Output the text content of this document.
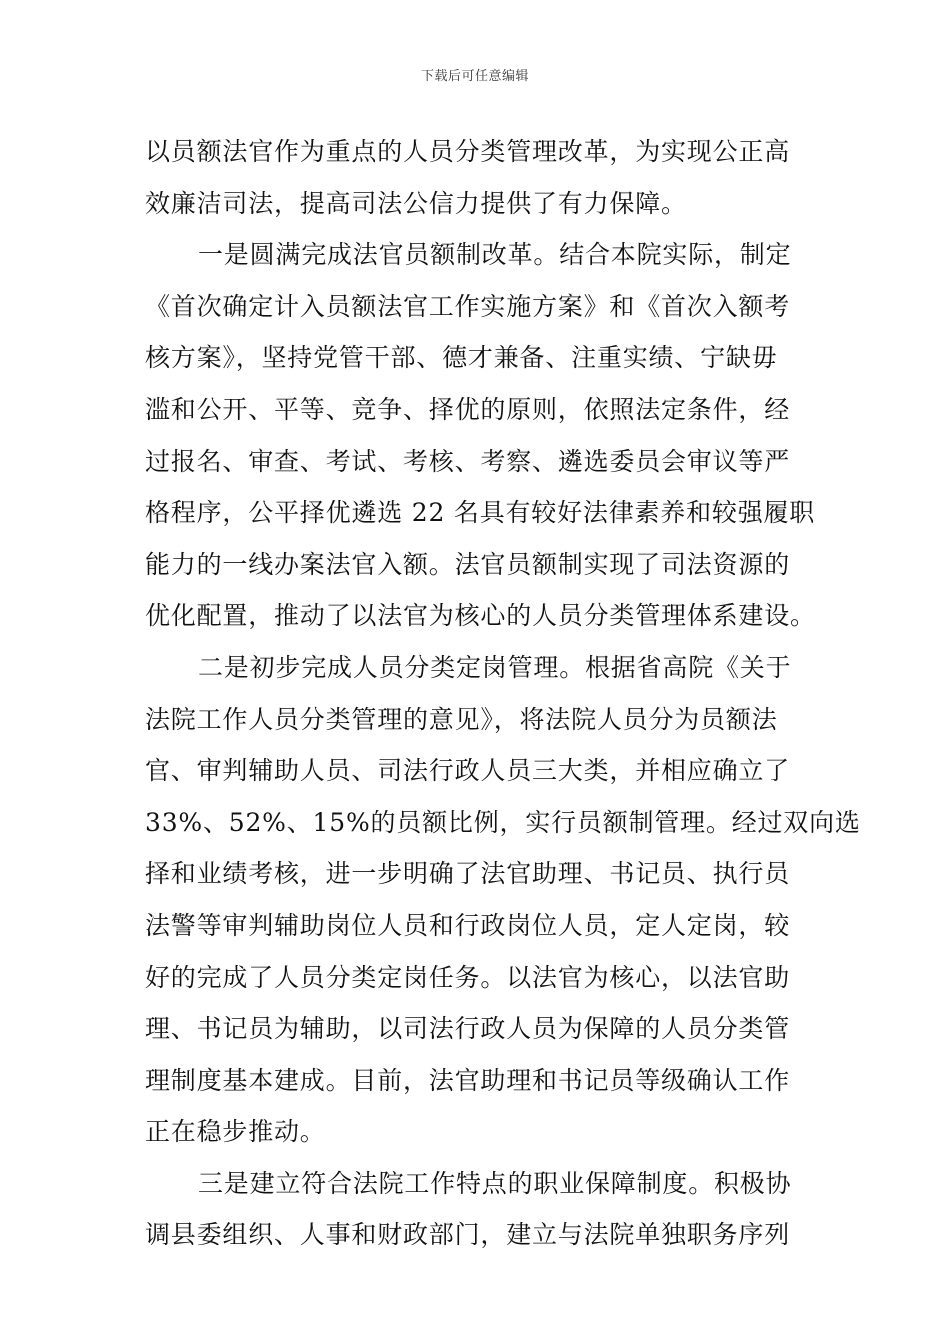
下载后可任意编辑
以员额法官作为重点的人员分类管理改革，为实现公正高
效廉洁司法，提高司法公信力提供了有力保障。
一是圆满完成法官员额制改革。结合本院实际，制定
《首次确定计入员额法官工作实施方案》和《首次入额考
核方案》，坚持党管干部、德才兼备、注重实绩、宁缺毋
滥和公开、平等、竞争、择优的原则，依照法定条件，经
过报名、审查、考试、考核、考察、遴选委员会审议等严
格程序，公平择优遴选 22 名具有较好法律素养和较强履职
能力的一线办案法官入额。法官员额制实现了司法资源的
优化配置，推动了以法官为核心的人员分类管理体系建设。
二是初步完成人员分类定岗管理。根据省高院《关于
法院工作人员分类管理的意见》，将法院人员分为员额法
官、审判辅助人员、司法行政人员三大类，并相应确立了
33%、52%、15%的员额比例，实行员额制管理。经过双向选
择和业绩考核，进一步明确了法官助理、书记员、执行员
法警等审判辅助岗位人员和行政岗位人员，定人定岗，较
好的完成了人员分类定岗任务。以法官为核心，以法官助
理、书记员为辅助，以司法行政人员为保障的人员分类管
理制度基本建成。目前，法官助理和书记员等级确认工作
正在稳步推动。
三是建立符合法院工作特点的职业保障制度。积极协
调县委组织、人事和财政部门，建立与法院单独职务序列
